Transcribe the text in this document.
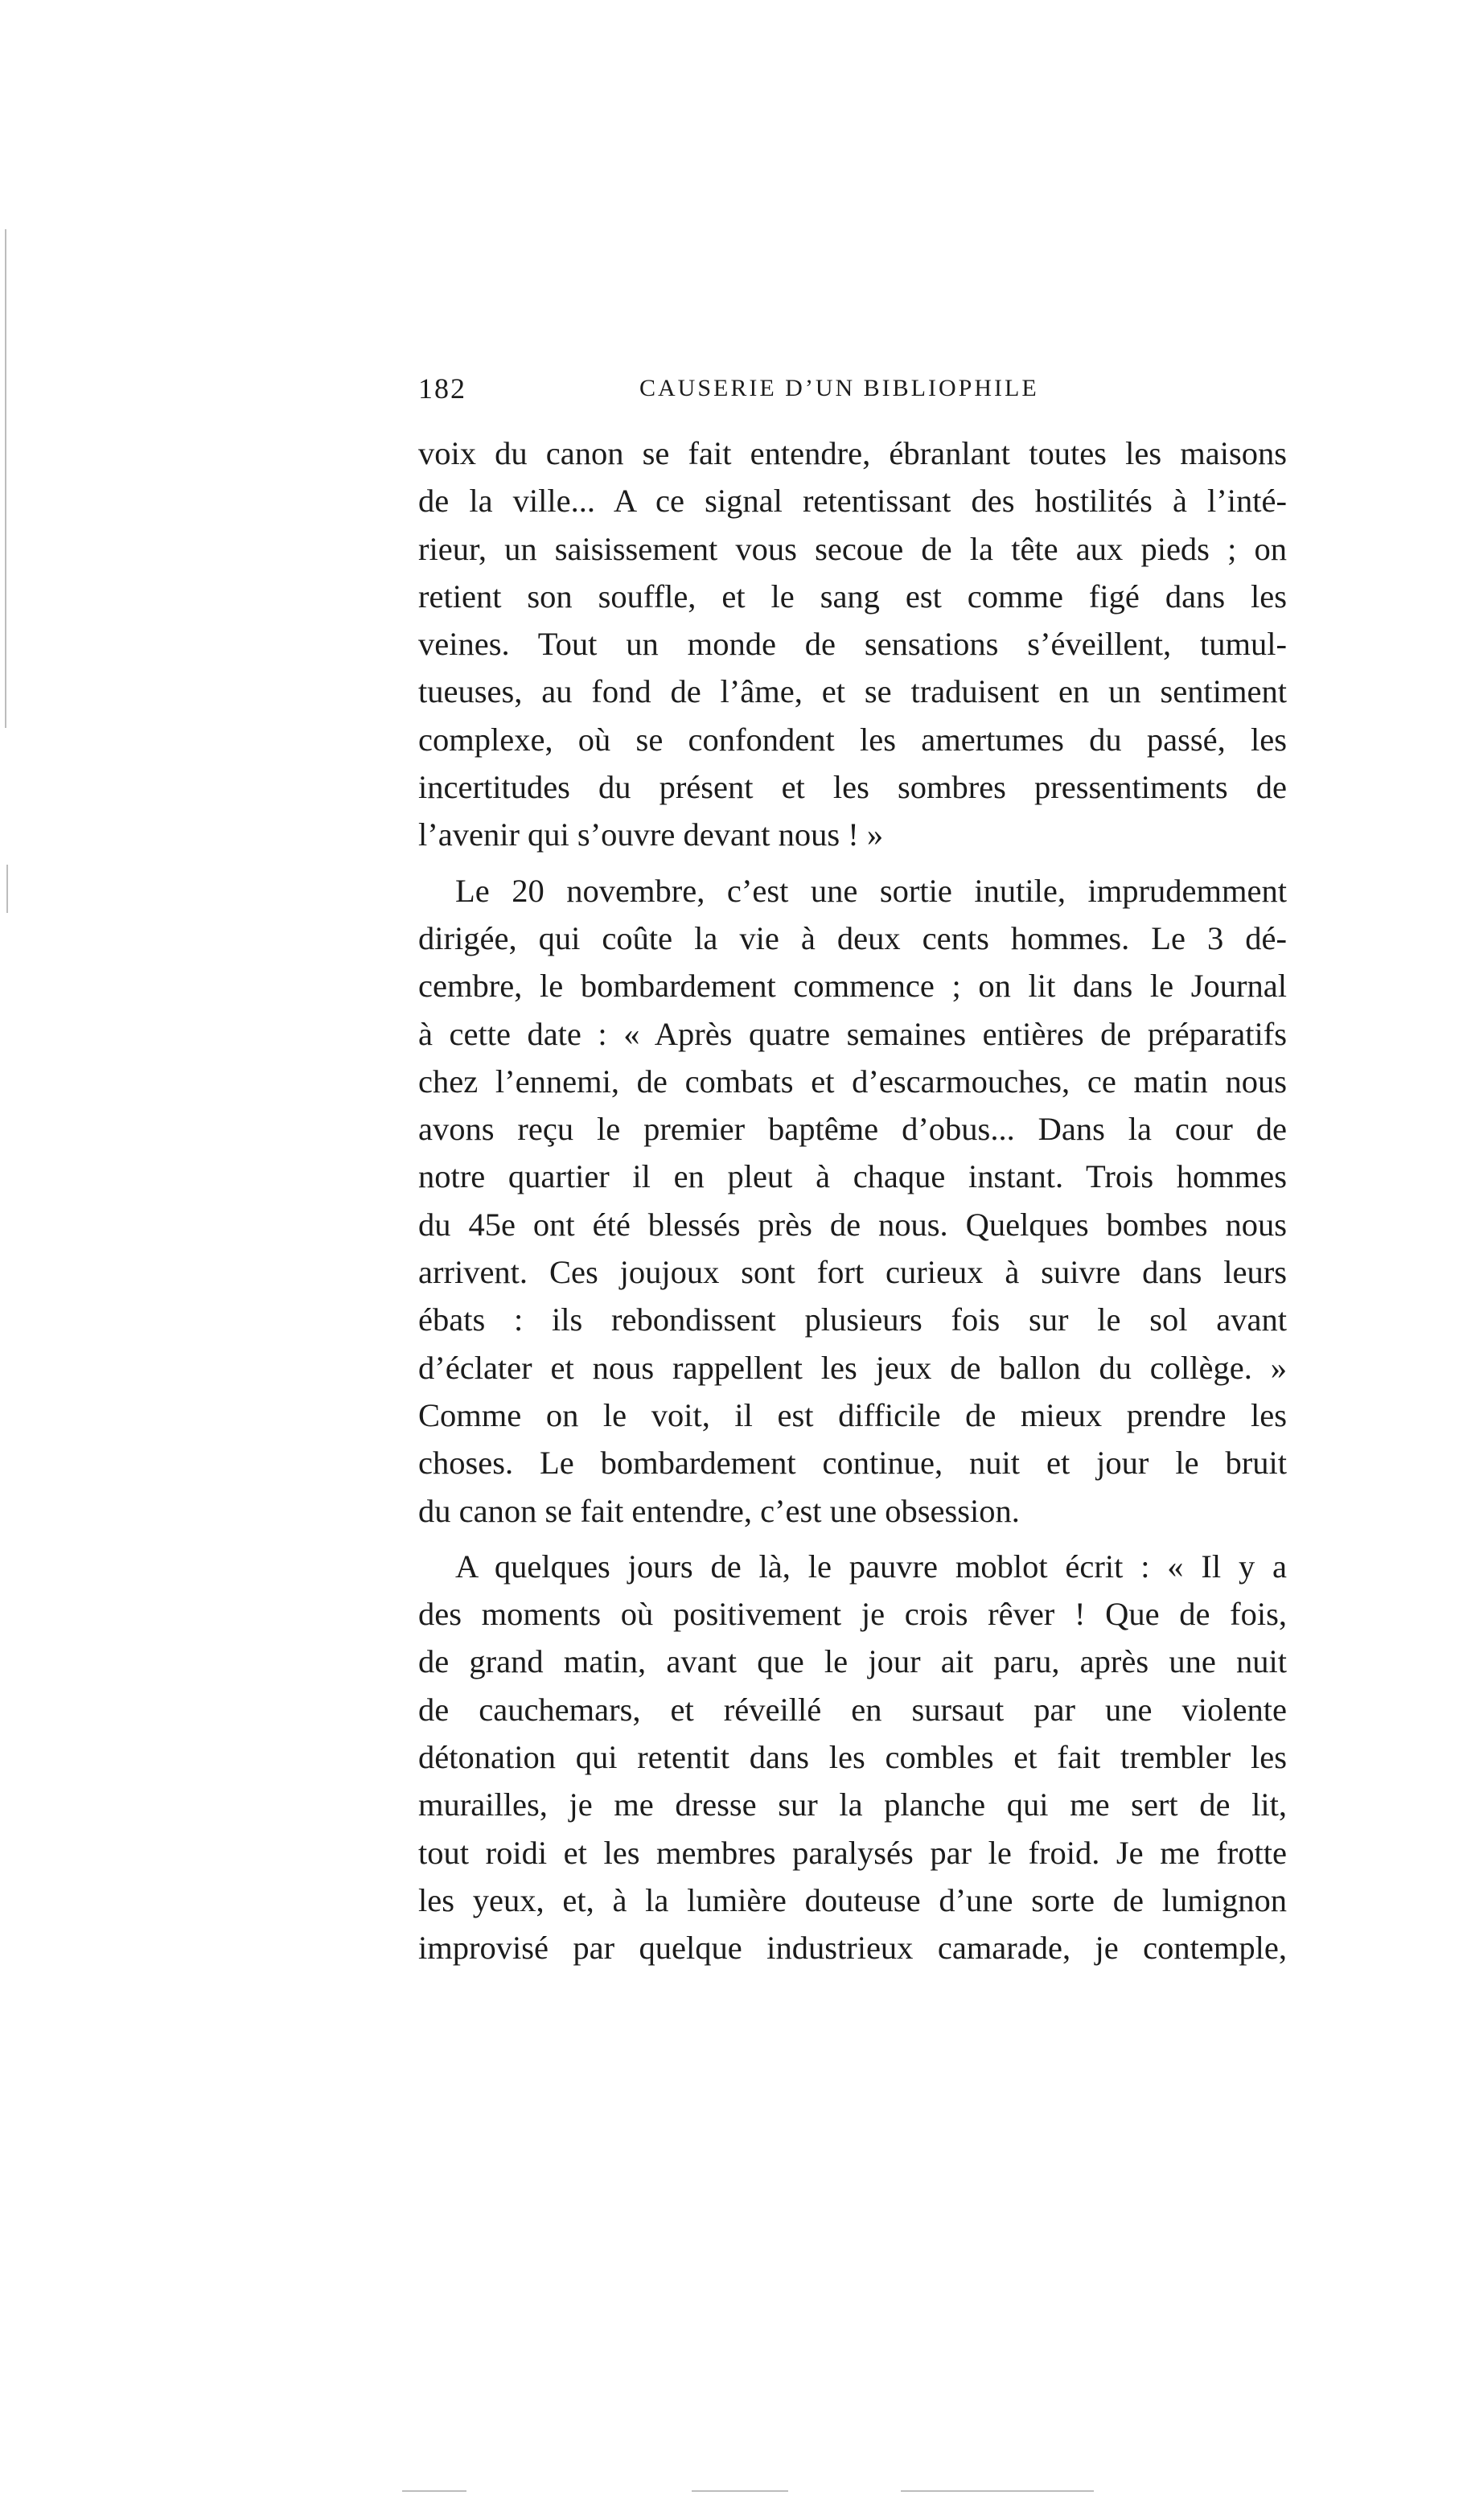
182	CAUSERIE D’UN BIBLIOPHILE
voix du canon se fait entendre, ébranlant toutes les maisons
de la ville... A ce signal retentissant des hostilités à l’inté-
rieur, un saisissement vous secoue de la tête aux pieds ; on
retient son souffle, et le sang est comme figé dans les
veines. Tout un monde de sensations s’éveillent, tumul-
tueuses, au fond de l’âme, et se traduisent en un sentiment
complexe, où se confondent les amertumes du passé, les
incertitudes du présent et les sombres pressentiments de
l’avenir qui s’ouvre devant nous ! »
Le 20 novembre, c’est une sortie inutile, imprudemment
dirigée, qui coûte la vie à deux cents hommes. Le 3 dé-
cembre, le bombardement commence ; on lit dans le Journal
à cette date : « Après quatre semaines entières de préparatifs
chez l’ennemi, de combats et d’escarmouches, ce matin nous
avons reçu le premier baptême d’obus... Dans la cour de
notre quartier il en pleut à chaque instant. Trois hommes
du 45e ont été blessés près de nous. Quelques bombes nous
arrivent. Ces joujoux sont fort curieux à suivre dans leurs
ébats : ils rebondissent plusieurs fois sur le sol avant
d’éclater et nous rappellent les jeux de ballon du collège. »
Comme on le voit, il est difficile de mieux prendre les
choses. Le bombardement continue, nuit et jour le bruit
du canon se fait entendre, c’est une obsession.
A quelques jours de là, le pauvre moblot écrit : « Il y a
des moments où positivement je crois rêver ! Que de fois,
de grand matin, avant que le jour ait paru, après une nuit
de cauchemars, et réveillé en sursaut par une violente
détonation qui retentit dans les combles et fait trembler les
murailles, je me dresse sur la planche qui me sert de lit,
tout roidi et les membres paralysés par le froid. Je me frotte
les yeux, et, à la lumière douteuse d’une sorte de lumignon
improvisé par quelque industrieux camarade, je contemple,
